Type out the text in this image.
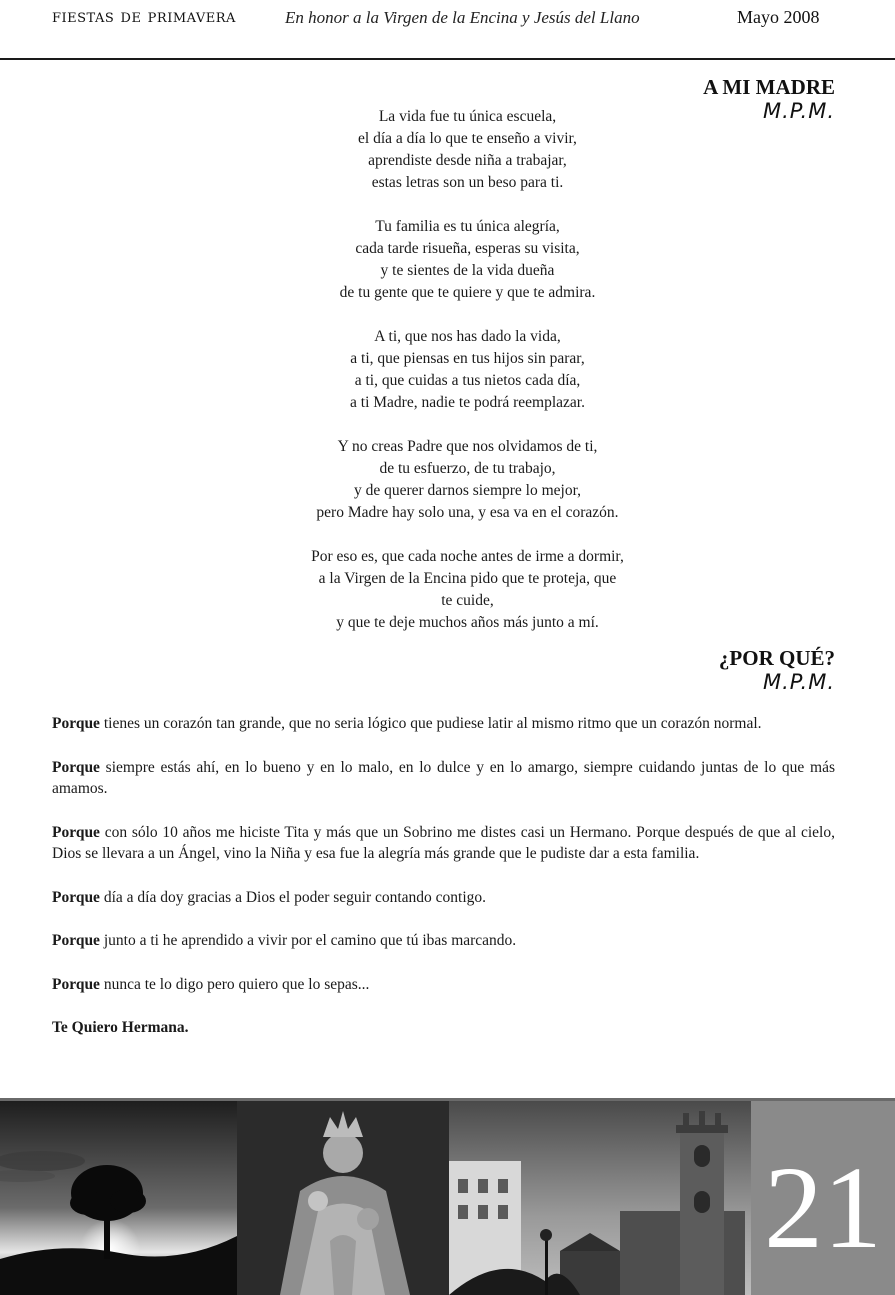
fiestas de primavera	En honor a la Virgen de la Encina y Jesús del Llano	Mayo 2008
A MI MADRE
M.P.M.
La vida fue tu única escuela,
el día a día lo que te enseño a vivir,
aprendiste desde niña a trabajar,
estas letras son un beso para ti.
Tu familia es tu única alegría,
cada tarde risueña, esperas su visita,
y te sientes de la vida dueña
de tu gente que te quiere y que te admira.
A ti, que nos has dado la vida,
a ti, que piensas en tus hijos sin parar,
a ti, que cuidas a tus nietos cada día,
a ti Madre, nadie te podrá reemplazar.
Y no creas Padre que nos olvidamos de ti,
de tu esfuerzo, de tu trabajo,
y de querer darnos siempre lo mejor,
pero Madre hay solo una, y esa va en el corazón.
Por eso es, que cada noche antes de irme a dormir,
a la Virgen de la Encina pido que te proteja, que
te cuide,
y que te deje muchos años más junto a mí.
¿POR QUÉ?
M.P.M.

Porque tienes un corazón tan grande, que no seria lógico que pudiese latir al mismo ritmo que un corazón normal.

Porque siempre estás ahí, en lo bueno y en lo malo, en lo dulce y en lo amargo, siempre cuidando juntas de lo que más amamos.

Porque con sólo 10 años me hiciste Tita y más que un Sobrino me distes casi un Hermano. Porque después de que al cielo, Dios se llevara a un Ángel, vino la Niña y esa fue la alegría más grande que le pudiste dar a esta familia.

Porque día a día doy gracias a Dios el poder seguir contando contigo.

Porque junto a ti he aprendido a vivir por el camino que tú ibas marcando.

Porque nunca te lo digo pero quiero que lo sepas...

Te Quiero Hermana.

21
